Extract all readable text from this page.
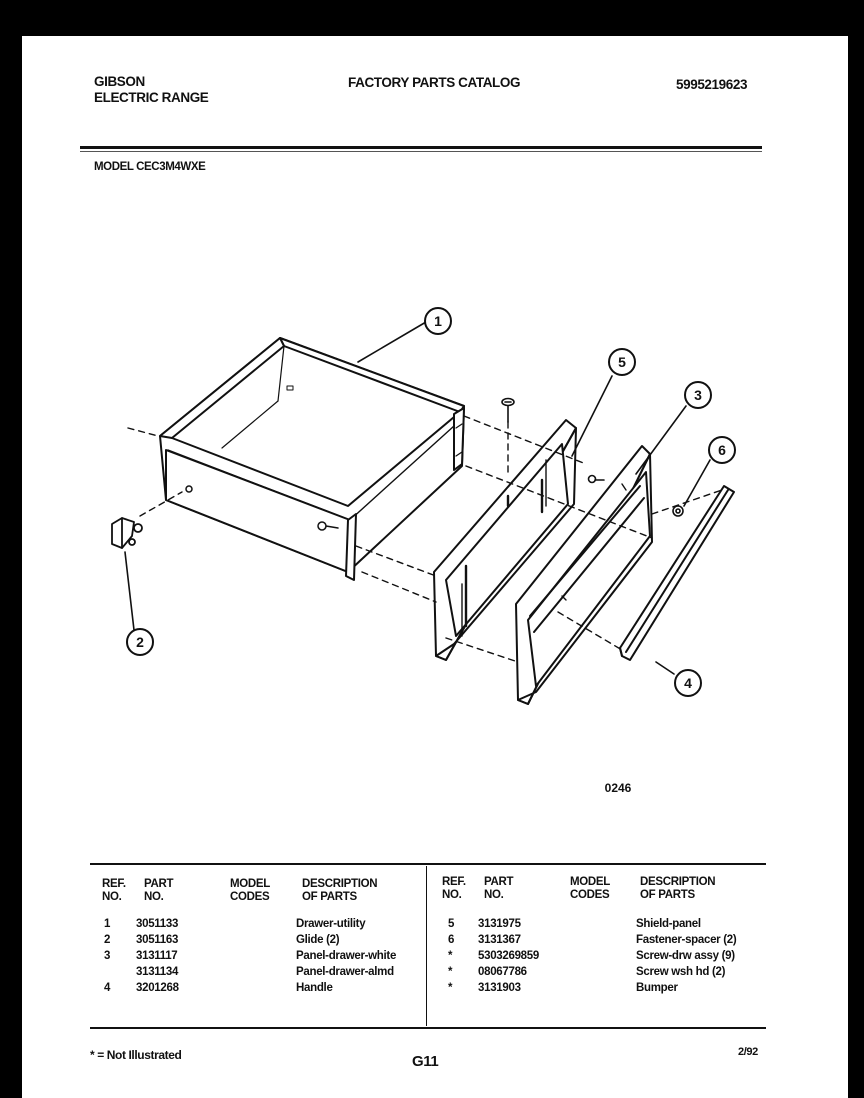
GIBSON
ELECTRIC RANGE
FACTORY PARTS CATALOG	5995219623
MODEL CEC3M4WXE
1
2
3
4
5
6
0246
REF.
NO.
PART
NO.
MODEL
CODES
DESCRIPTION
OF PARTS
REF.
NO.
PART
NO.
MODEL
CODES
DESCRIPTION
OF PARTS
1
2
3
4
3051133
3051163
3131117
3131134
3201268
Drawer-utility
Glide (2)
Panel-drawer-white
Panel-drawer-almd
Handle
5
6
*
*
*
3131975
3131367
5303269859
08067786
3131903
Shield-panel
Fastener-spacer (2)
Screw-drw assy (9)
Screw wsh hd (2)
Bumper
* = Not Illustrated	G11
2/92
